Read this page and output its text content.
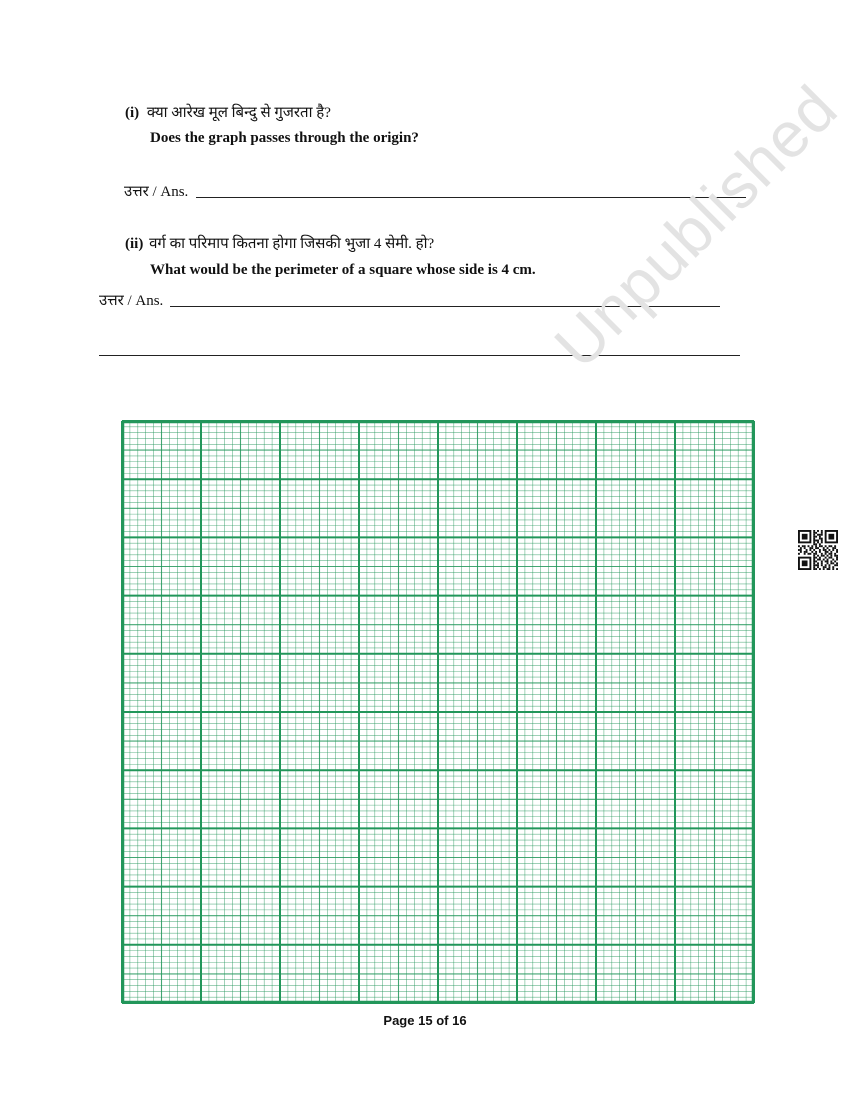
(i) क्या आरेख मूल बिन्दु से गुजरता है?
Does the graph passes through the origin?
उत्तर / Ans.
(ii) वर्ग का परिमाप कितना होगा जिसकी भुजा 4 सेमी. हो?
What would be the perimeter of a square whose side is 4 cm.
उत्तर / Ans.	Unpublished
Page 15 of 16
